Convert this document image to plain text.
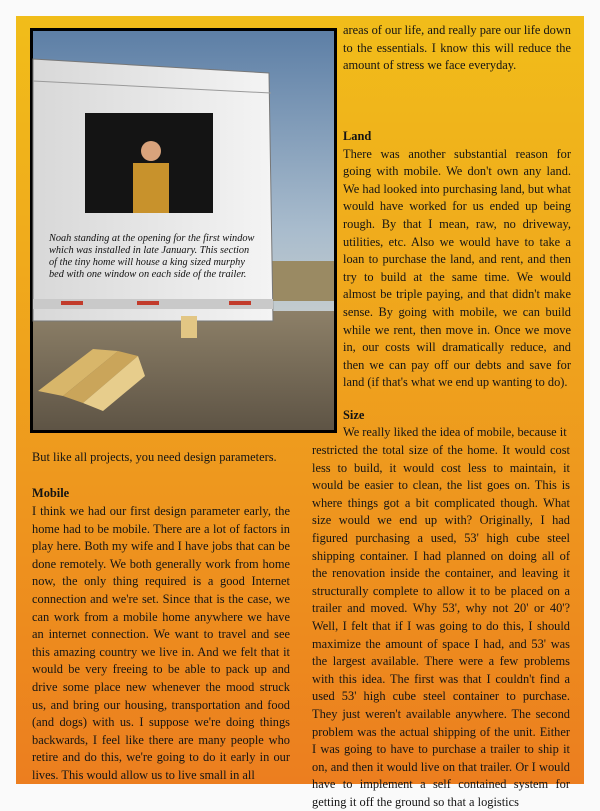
Noah standing at the opening for the first window which was installed in late January. This section of the tiny home will house a king sized murphy bed with one window on each side of the trailer.

areas of our life, and really pare our life down to the essentials. I know this will reduce the amount of stress we face everyday.

Land

There was another substantial reason for going with mobile. We don't own any land. We had looked into purchasing land, but what would have worked for us ended up being rough. By that I mean, raw, no driveway, utilities, etc. Also we would have to take a loan to purchase the land, and rent, and then try to build at the same time. We would almost be triple paying, and that didn't make sense. By going with mobile, we can build while we rent, then move in. Once we move in, our costs will dramatically reduce, and then we can pay off our debts and save for land (if that's what we end up wanting to do).

Size
We really liked the idea of mobile, because it
restricted the total size of the home. It would cost less to build, it would cost less to maintain, it would be easier to clean, the list goes on. This is where things got a bit complicated though. What size would we end up with? Originally, I had figured purchasing a used, 53' high cube steel shipping container. I had planned on doing all of the renovation inside the container, and leaving it structurally complete to allow it to be placed on a trailer and moved. Why 53', why not 20' or 40'? Well, I felt that if I was going to do this, I should maximize the amount of space I had, and 53' was the largest available. There were a few problems with this idea. The first was that I couldn't find a used 53' high cube steel container to purchase. They just weren't available anywhere. The second problem was the actual shipping of the unit. Either I was going to have to purchase a trailer to ship it on, and then it would live on that trailer. Or I would have to implement a self contained system for getting it off the ground so that a logistics
But like all projects, you need design parameters.
Mobile
I think we had our first design parameter early, the home had to be mobile. There are a lot of factors in play here. Both my wife and I have jobs that can be done remotely. We both generally work from home now, the only thing required is a good Internet connection and we're set. Since that is the case, we can work from a mobile home anywhere we have an internet connection. We want to travel and see this amazing country we live in. And we felt that it would be very freeing to be able to pack up and drive some place new whenever the mood struck us, and bring our housing, transportation and food (and dogs) with us. I suppose we're doing things backwards, I feel like there are many people who retire and do this, we're going to do it early in our lives. This would allow us to live small in all
